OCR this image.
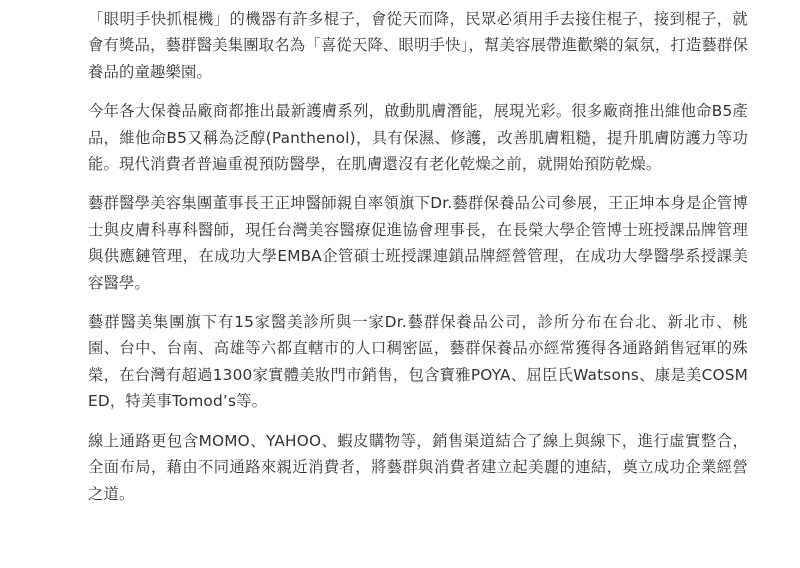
「眼明手快抓棍機」的機器有許多棍子，會從天而降，民眾必須用手去接住棍子，接到棍子，就會有獎品，藝群醫美集團取名為「喜從天降、眼明手快」，幫美容展帶進歡樂的氣氛，打造藝群保養品的童趣樂園。

今年各大保養品廠商都推出最新護膚系列，啟動肌膚潛能，展現光彩。很多廠商推出維他命B5產品，維他命B5又稱為泛醇(Panthenol)，具有保濕、修護，改善肌膚粗糙，提升肌膚防護力等功能。現代消費者普遍重視預防醫學，在肌膚還沒有老化乾燥之前，就開始預防乾燥。

藝群醫學美容集團董事長王正坤醫師親自率領旗下Dr.藝群保養品公司參展，王正坤本身是企管博士與皮膚科專科醫師，現任台灣美容醫療促進協會理事長，在長榮大學企管博士班授課品牌管理與供應鏈管理，在成功大學EMBA企管碩士班授課連鎖品牌經營管理，在成功大學醫學系授課美容醫學。

藝群醫美集團旗下有15家醫美診所與一家Dr.藝群保養品公司，診所分布在台北、新北市、桃園、台中、台南、高雄等六都直轄市的人口稠密區，藝群保養品亦經常獲得各通路銷售冠軍的殊榮，在台灣有超過1300家實體美妝門市銷售，包含寶雅POYA、屈臣氏Watsons、康是美COSMED，特美事Tomod’s等。

線上通路更包含MOMO、YAHOO、蝦皮購物等，銷售渠道結合了線上與線下，進行虛實整合，全面布局，藉由不同通路來親近消費者，將藝群與消費者建立起美麗的連結，奠立成功企業經營之道。
